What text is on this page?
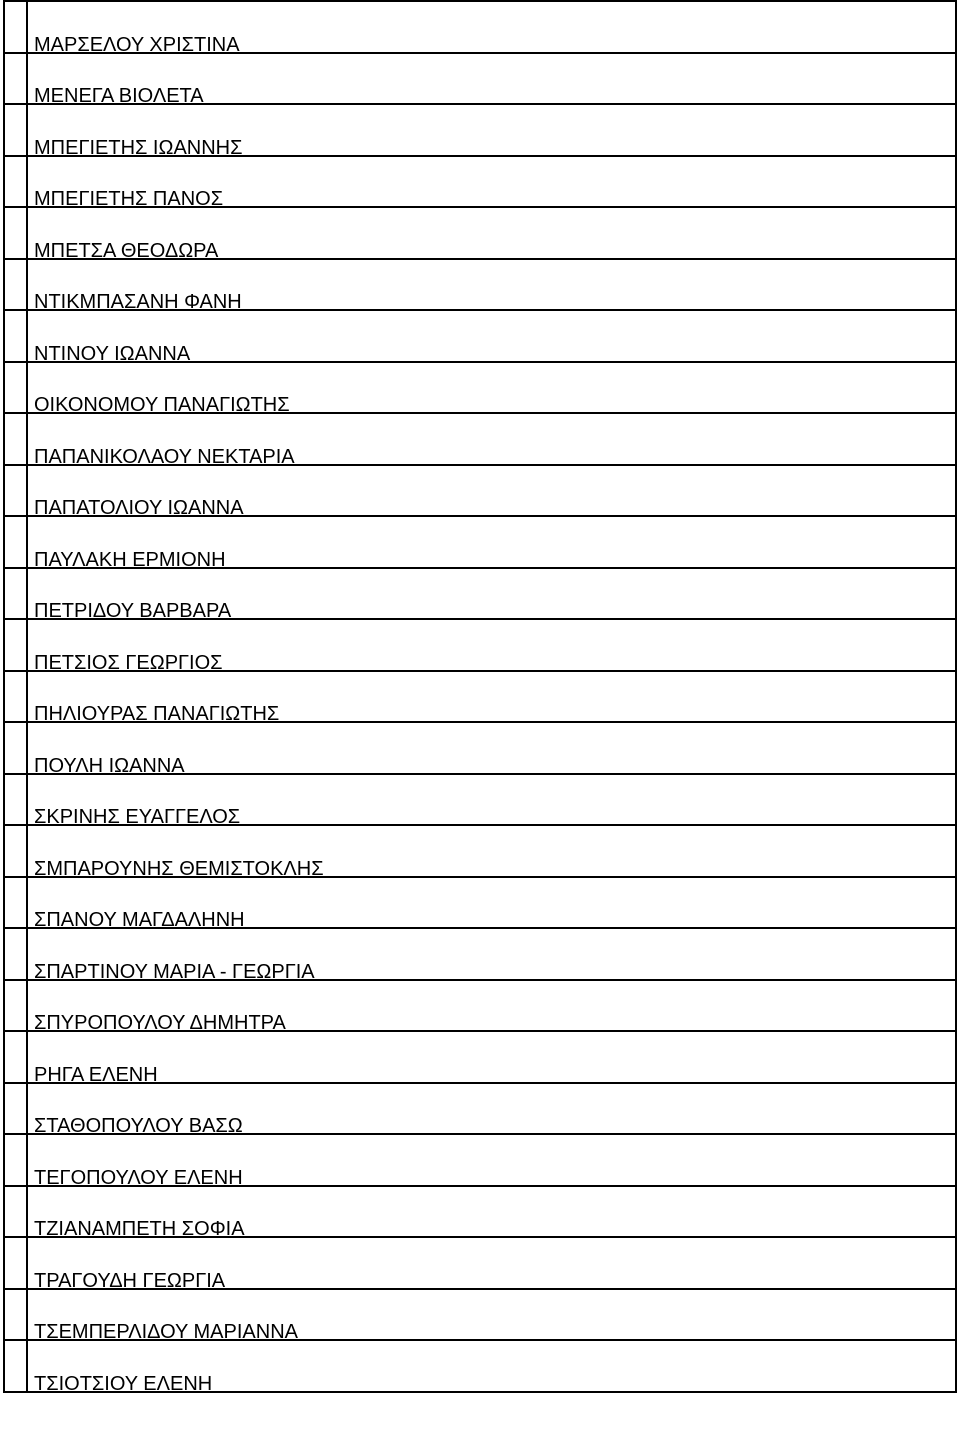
	ΜΑΡΣΕΛΟΥ ΧΡΙΣΤΙΝΑ
	ΜΕΝΕΓΑ ΒΙΟΛΕΤΑ
	ΜΠΕΓΙΕΤΗΣ ΙΩΑΝΝΗΣ
	ΜΠΕΓΙΕΤΗΣ ΠΑΝΟΣ
	ΜΠΕΤΣΑ ΘΕΟΔΩΡΑ
	ΝΤΙΚΜΠΑΣΑΝΗ ΦΑΝΗ
	ΝΤΙΝΟΥ ΙΩΑΝΝΑ
	ΟΙΚΟΝΟΜΟΥ ΠΑΝΑΓΙΩΤΗΣ
	ΠΑΠΑΝΙΚΟΛΑΟΥ ΝΕΚΤΑΡΙΑ
	ΠΑΠΑΤΟΛΙΟΥ ΙΩΑΝΝΑ
	ΠΑΥΛΑΚΗ ΕΡΜΙΟΝΗ
	ΠΕΤΡΙΔΟΥ ΒΑΡΒΑΡΑ
	ΠΕΤΣΙΟΣ ΓΕΩΡΓΙΟΣ
	ΠΗΛΙΟΥΡΑΣ ΠΑΝΑΓΙΩΤΗΣ
	ΠΟΥΛΗ ΙΩΑΝΝΑ
	ΣΚΡΙΝΗΣ ΕΥΑΓΓΕΛΟΣ
	ΣΜΠΑΡΟΥΝΗΣ ΘΕΜΙΣΤΟΚΛΗΣ
	ΣΠΑΝΟΥ ΜΑΓΔΑΛΗΝΗ
	ΣΠΑΡΤΙΝΟΥ ΜΑΡΙΑ - ΓΕΩΡΓΙΑ
	ΣΠΥΡΟΠΟΥΛΟΥ ΔΗΜΗΤΡΑ
	ΡΗΓΑ ΕΛΕΝΗ
	ΣΤΑΘΟΠΟΥΛΟΥ ΒΑΣΩ
	ΤΕΓΟΠΟΥΛΟΥ ΕΛΕΝΗ
	ΤΖΙΑΝΑΜΠΕΤΗ ΣΟΦΙΑ
	ΤΡΑΓΟΥΔΗ ΓΕΩΡΓΙΑ
	ΤΣΕΜΠΕΡΛΙΔΟΥ ΜΑΡΙΑΝΝΑ
	ΤΣΙΟΤΣΙΟΥ ΕΛΕΝΗ
